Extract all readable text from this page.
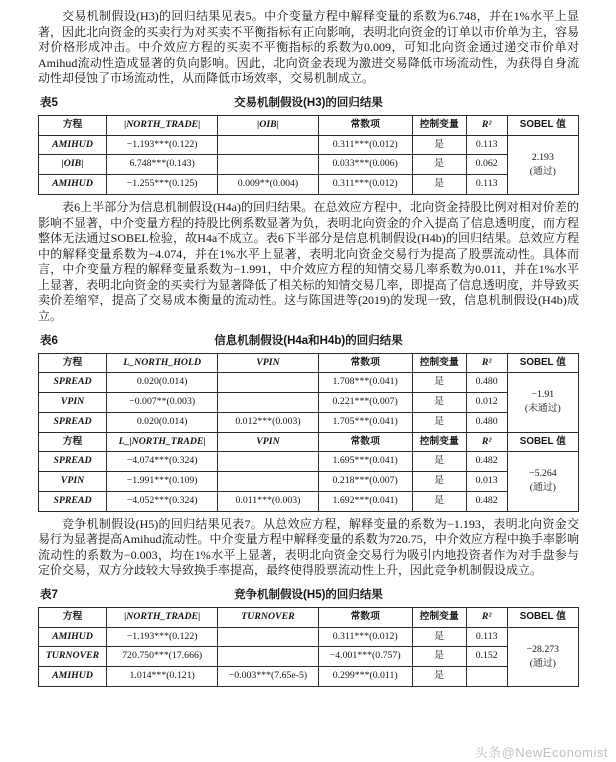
交易机制假设(H3)的回归结果见表5。中介变量方程中解释变量的系数为6.748，并在1%水平上显著，因此北向资金的买卖行为对买卖不平衡指标有正向影响，表明北向资金的订单以市价单为主，容易对价格形成冲击。中介效应方程的买卖不平衡指标的系数为0.009，可知北向资金通过递交市价单对Amihud流动性造成显著的负向影响。因此，北向资金表现为激进交易降低市场流动性，为获得自身流动性却侵蚀了市场流动性，从而降低市场效率，交易机制成立。

表5	交易机制假设(H3)的回归结果
方程	|NORTH_TRADE|	|OIB|	常数项	控制变量	R²	SOBEL 值
AMIHUD	−1.193***(0.122)		0.311***(0.012)	是	0.113	2.193
(通过)

|OIB|	6.748***(0.143)		0.033***(0.006)	是	0.062	
AMIHUD	−1.255***(0.125)	0.009**(0.004)	0.311***(0.012)	是	0.113	

表6上半部分为信息机制假设(H4a)的回归结果。在总效应方程中，北向资金持股比例对相对价差的影响不显著，中介变量方程的持股比例系数显著为负，表明北向资金的介入提高了信息透明度，而方程整体无法通过SOBEL检验，故H4a不成立。表6下半部分是信息机制假设(H4b)的回归结果。总效应方程中的解释变量系数为−4.074，并在1%水平上显著，表明北向资金交易行为提高了股票流动性。具体而言，中介变量方程的解释变量系数为−1.991，中介效应方程的知情交易几率系数为0.011，并在1%水平上显著，表明北向资金的买卖行为显著降低了相关标的知情交易几率，即提高了信息透明度，并导致买卖价差缩窄，提高了交易成本衡量的流动性。这与陈国进等(2019)的发现一致，信息机制假设(H4b)成立。

表6	信息机制假设(H4a和H4b)的回归结果
方程	L_NORTH_HOLD	VPIN	常数项	控制变量	R²	SOBEL 值
SPREAD	0.020(0.014)		1.708***(0.041)	是	0.480	−1.91
(未通过)

VPIN	−0.007**(0.003)		0.221***(0.007)	是	0.012	
SPREAD	0.020(0.014)	0.012***(0.003)	1.705***(0.041)	是	0.480	
方程	L_|NORTH_TRADE|	VPIN	常数项	控制变量	R²	SOBEL 值
SPREAD	−4.074***(0.324)		1.695***(0.041)	是	0.482	−5.264
(通过)

VPIN	−1.991***(0.109)		0.218***(0.007)	是	0.013	
SPREAD	−4.052***(0.324)	0.011***(0.003)	1.692***(0.041)	是	0.482	

竞争机制假设(H5)的回归结果见表7。从总效应方程，解释变量的系数为−1.193，表明北向资金交易行为显著提高Amihud流动性。中介变量方程中解释变量的系数为720.75，中介效应方程中换手率影响流动性的系数为−0.003，均在1%水平上显著，表明北向资金交易行为吸引内地投资者作为对手盘参与定价交易，双方分歧较大导致换手率提高，最终使得股票流动性上升，因此竞争机制假设成立。

表7	竞争机制假设(H5)的回归结果
方程	|NORTH_TRADE|	TURNOVER	常数项	控制变量	R²	SOBEL 值
AMIHUD	−1.193***(0.122)		0.311***(0.012)	是	0.113	−28.273
(通过)

TURNOVER	720.750***(17.666)		−4.001***(0.757)	是	0.152	
AMIHUD	1.014***(0.121)	−0.003***(7.65e-5)	0.299***(0.011)	是		
头条@NewEconomist
